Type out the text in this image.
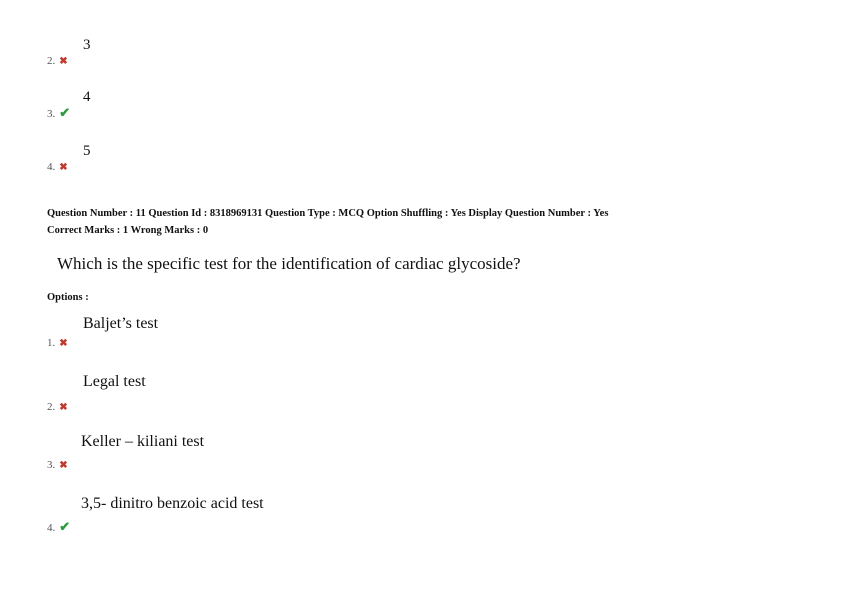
2. ✖
3
3. ✔
4
4. ✖
5
Question Number : 11 Question Id : 8318969131 Question Type : MCQ Option Shuffling : Yes Display Question Number : Yes
Correct Marks : 1 Wrong Marks : 0
Which is the specific test for the identification of cardiac glycoside?
Options :
Baljet’s test
1. ✖
Legal test
2. ✖
Keller – kiliani test
3. ✖
3,5- dinitro benzoic acid test
4. ✔
